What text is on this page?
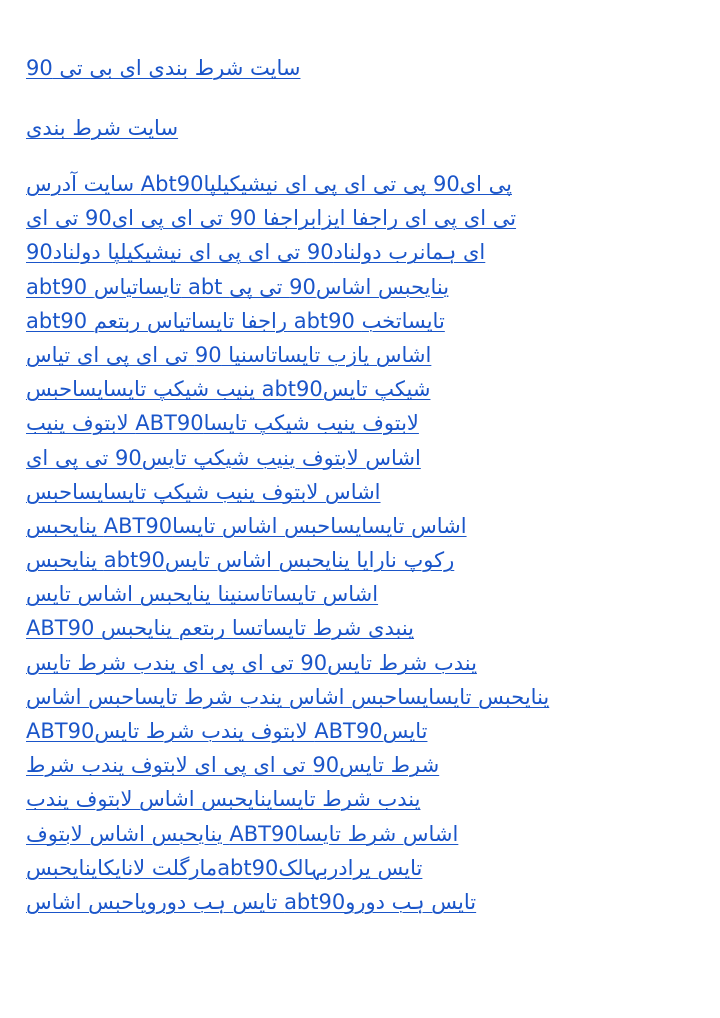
سایت شرط بندی ای بی تی 90
سایت شرط بندی
پی ای90 پی تی ای پی ای نیشیکیلپاAbt90 سایت آدرس
تی ای پی ای راجفا ایزابراجفا 90 تی ای پی ای90 تی ای
ای ہمانرب دولناد90 تی ای پی ای نیشیکیلپا دولناد90
abt90 تایساتیاس abt ینایحبس اشاس90 تی پی
abt90 راجفا تایساتیاس ربتعم abt90 تایساتخب
اشاس یازب تایساتاسنیا 90 تی ای پی ای تیاس
شیکپ تایسabt90 ینیب شیکپ تایسایساحبس
لابتوف ینیب شیکپ تایساABT90 لابتوف ینیب
اشاس لابتوف ینیب شیکپ تایس90 تی پی ای
اشاس لابتوف ینیب شیکپ تایسایساحبس
اشاس تایسایساحبس اشاس تایساABT90 ینایحبس
رکوپ نارایا ینایحبس اشاس تایسabt90 ینایحبس
اشاس تایساتاسنینا ینایحبس اشاس تایس
ABT90 ینبدی شرط تایساتسا ربتعم ینایحبس
یندب شرط تایس90 تی ای پی ای یندب شرط تایس
ینایحبس تایسایساحبس اشاس یندب شرط تایساحبس اشاس
تایسABT90 لابتوف یندب شرط تایسABT90
شرط تایس90 تی ای پی ای لابتوف یندب شرط
یندب شرط تایساینایحبس اشاس لابتوف یندب
اشاس شرط تایساABT90 ینایحبس اشاس لابتوف
تایس یرادربہالکabt90مارگلت لانایکاینایحبس
تایس ہب دوروabt90 تایس ہب دورویاحبس اشاس
